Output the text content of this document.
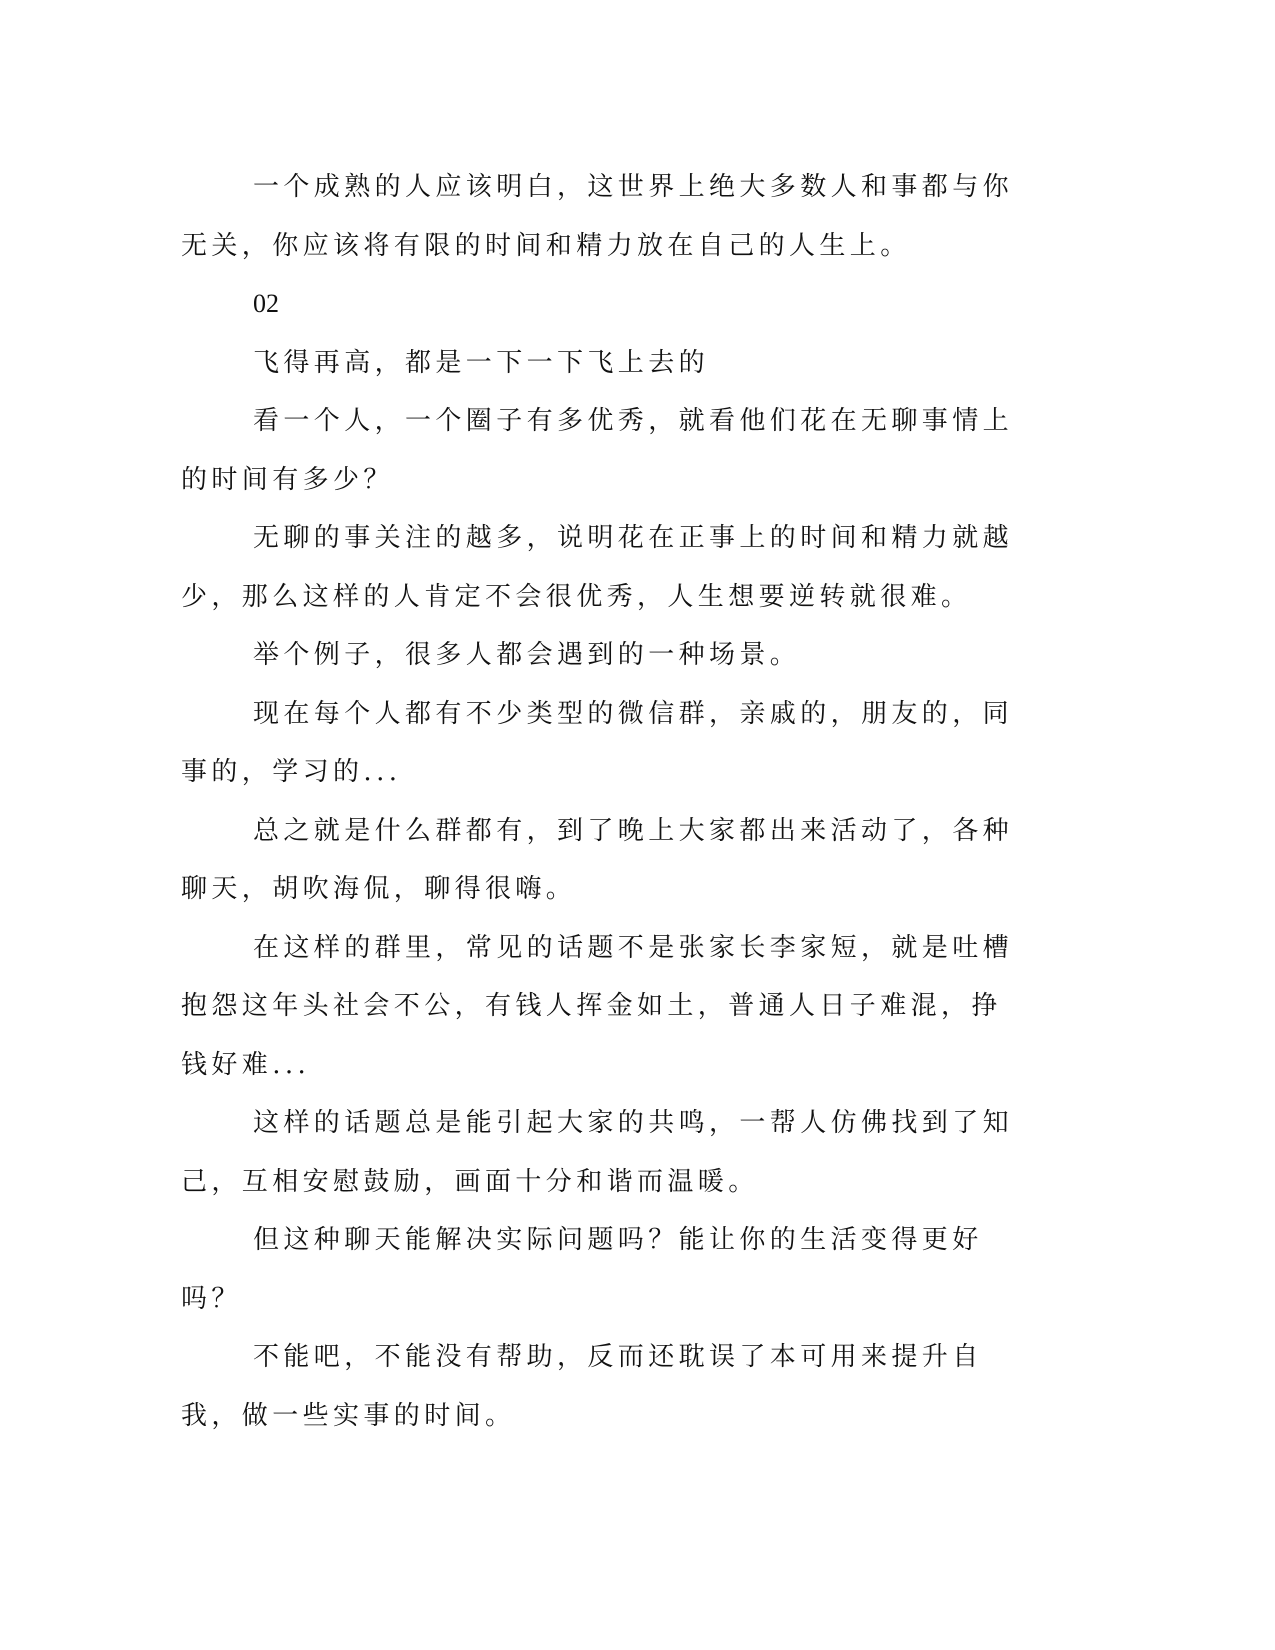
一个成熟的人应该明白，这世界上绝大多数人和事都与你无关，你应该将有限的时间和精力放在自己的人生上。

02

飞得再高，都是一下一下飞上去的

看一个人，一个圈子有多优秀，就看他们花在无聊事情上的时间有多少？

无聊的事关注的越多，说明花在正事上的时间和精力就越少，那么这样的人肯定不会很优秀，人生想要逆转就很难。

举个例子，很多人都会遇到的一种场景。

现在每个人都有不少类型的微信群，亲戚的，朋友的，同事的，学习的...

总之就是什么群都有，到了晚上大家都出来活动了，各种聊天，胡吹海侃，聊得很嗨。

在这样的群里，常见的话题不是张家长李家短，就是吐槽抱怨这年头社会不公，有钱人挥金如土，普通人日子难混，挣钱好难...

这样的话题总是能引起大家的共鸣，一帮人仿佛找到了知己，互相安慰鼓励，画面十分和谐而温暖。

但这种聊天能解决实际问题吗？能让你的生活变得更好吗？

不能吧，不能没有帮助，反而还耽误了本可用来提升自我，做一些实事的时间。
